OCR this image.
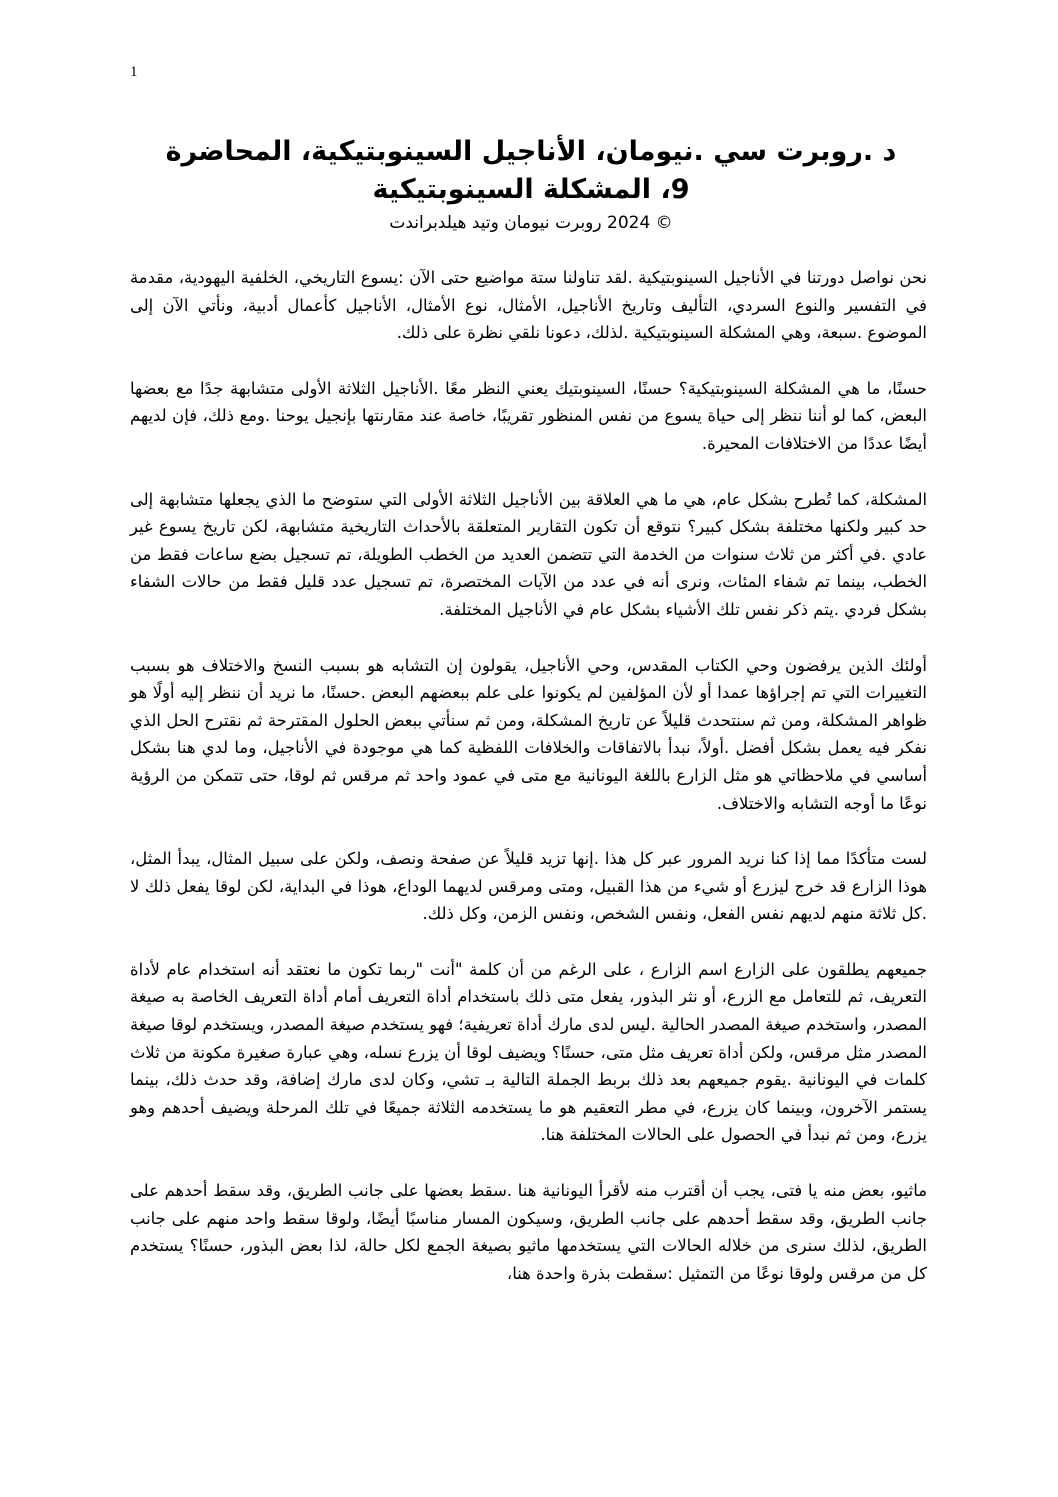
1
د .روبرت سي .نيومان، الأناجيل السينوبتيكية، المحاضرة 9، المشكلة السينوبتيكية
© 2024 روبرت نيومان وتيد هيلدبراندت

نحن نواصل دورتنا في الأناجيل السينوبتيكية .لقد تناولنا ستة مواضيع حتى الآن :يسوع التاريخي، الخلفية اليهودية، مقدمة في التفسير والنوع السردي، التأليف وتاريخ الأناجيل، الأمثال، نوع الأمثال، الأناجيل كأعمال أدبية، ونأتي الآن إلى الموضوع .سبعة، وهي المشكلة السينوبتيكية .لذلك، دعونا نلقي نظرة على ذلك.

حسنًا، ما هي المشكلة السينوبتيكية؟ حسنًا، السينوبتيك يعني النظر معًا .الأناجيل الثلاثة الأولى متشابهة جدًا مع بعضها البعض، كما لو أننا ننظر إلى حياة يسوع من نفس المنظور تقريبًا، خاصة عند مقارنتها بإنجيل يوحنا .ومع ذلك، فإن لديهم أيضًا عددًا من الاختلافات المحيرة.

المشكلة، كما تُطرح بشكل عام، هي ما هي العلاقة بين الأناجيل الثلاثة الأولى التي ستوضح ما الذي يجعلها متشابهة إلى حد كبير ولكنها مختلفة بشكل كبير؟ نتوقع أن تكون التقارير المتعلقة بالأحداث التاريخية متشابهة، لكن تاريخ يسوع غير عادي .في أكثر من ثلاث سنوات من الخدمة التي تتضمن العديد من الخطب الطويلة، تم تسجيل بضع ساعات فقط من الخطب، بينما تم شفاء المئات، ونرى أنه في عدد من الآيات المختصرة، تم تسجيل عدد قليل فقط من حالات الشفاء بشكل فردي .يتم ذكر نفس تلك الأشياء بشكل عام في الأناجيل المختلفة.

أولئك الذين يرفضون وحي الكتاب المقدس، وحي الأناجيل، يقولون إن التشابه هو بسبب النسخ والاختلاف هو بسبب التغييرات التي تم إجراؤها عمدا أو لأن المؤلفين لم يكونوا على علم ببعضهم البعض .حسنًا، ما نريد أن ننظر إليه أولًا هو ظواهر المشكلة، ومن ثم سنتحدث قليلاً عن تاريخ المشكلة، ومن ثم سنأتي ببعض الحلول المقترحة ثم نقترح الحل الذي نفكر فيه يعمل بشكل أفضل .أولاً، نبدأ بالاتفاقات والخلافات اللفظية كما هي موجودة في الأناجيل، وما لدي هنا بشكل أساسي في ملاحظاتي هو مثل الزارع باللغة اليونانية مع متى في عمود واحد ثم مرقس ثم لوقا، حتى تتمكن من الرؤية نوعًا ما أوجه التشابه والاختلاف.

لست متأكدًا مما إذا كنا نريد المرور عبر كل هذا .إنها تزيد قليلاً عن صفحة ونصف، ولكن على سبيل المثال، يبدأ المثل، هوذا الزارع قد خرج ليزرع أو شيء من هذا القبيل، ومتى ومرقس لديهما الوداع، هوذا في البداية، لكن لوقا يفعل ذلك لا .كل ثلاثة منهم لديهم نفس الفعل، ونفس الشخص، ونفس الزمن، وكل ذلك.

جميعهم يطلقون على الزارع اسم الزارع ، على الرغم من أن كلمة "أنت "ربما تكون ما نعتقد أنه استخدام عام لأداة التعريف، ثم للتعامل مع الزرع، أو نثر البذور، يفعل متى ذلك باستخدام أداة التعريف أمام أداة التعريف الخاصة به صيغة المصدر، واستخدم صيغة المصدر الحالية .ليس لدى مارك أداة تعريفية؛ فهو يستخدم صيغة المصدر، ويستخدم لوقا صيغة المصدر مثل مرقس، ولكن أداة تعريف مثل متى، حسنًا؟ ويضيف لوقا أن يزرع نسله، وهي عبارة صغيرة مكونة من ثلاث كلمات في اليونانية .يقوم جميعهم بعد ذلك بربط الجملة التالية بـ تشي، وكان لدى مارك إضافة، وقد حدث ذلك، بينما يستمر الآخرون، وبينما كان يزرع، في مطر التعقيم هو ما يستخدمه الثلاثة جميعًا في تلك المرحلة ويضيف أحدهم وهو يزرع، ومن ثم نبدأ في الحصول على الحالات المختلفة هنا.

ماثيو، بعض منه يا فتى، يجب أن أقترب منه لأقرأ اليونانية هنا .سقط بعضها على جانب الطريق، وقد سقط أحدهم على جانب الطريق، وقد سقط أحدهم على جانب الطريق، وسيكون المسار مناسبًا أيضًا، ولوقا سقط واحد منهم على جانب الطريق، لذلك سنرى من خلاله الحالات التي يستخدمها ماثيو بصيغة الجمع لكل حالة، لذا بعض البذور، حسنًا؟ يستخدم كل من مرقس ولوقا نوعًا من التمثيل :سقطت بذرة واحدة هنا،
